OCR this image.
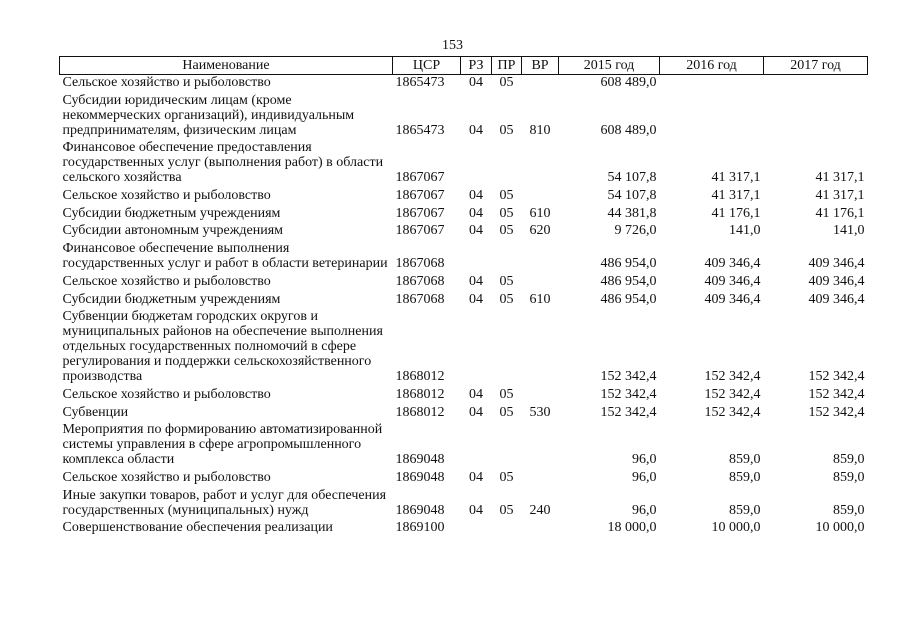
153
Наименование	ЦСР	РЗ	ПР	ВР	2015 год	2016 год	2017 год
Сельское хозяйство и рыболовство	1865473	04	05		608 489,0		
Субсидии юридическим лицам (кроме некоммерческих организаций), индивидуальным предпринимателям, физическим лицам	1865473	04	05	810	608 489,0		
Финансовое обеспечение предоставления государственных услуг (выполнения работ) в области сельского хозяйства	1867067				54 107,8	41 317,1	41 317,1
Сельское хозяйство и рыболовство	1867067	04	05		54 107,8	41 317,1	41 317,1
Субсидии бюджетным учреждениям	1867067	04	05	610	44 381,8	41 176,1	41 176,1
Субсидии автономным учреждениям	1867067	04	05	620	9 726,0	141,0	141,0
Финансовое обеспечение выполнения государственных услуг и работ в области ветеринарии	1867068				486 954,0	409 346,4	409 346,4
Сельское хозяйство и рыболовство	1867068	04	05		486 954,0	409 346,4	409 346,4
Субсидии бюджетным учреждениям	1867068	04	05	610	486 954,0	409 346,4	409 346,4
Субвенции бюджетам городских округов и муниципальных районов на обеспечение выполнения отдельных государственных полномочий в сфере регулирования и поддержки сельскохозяйственного производства	1868012				152 342,4	152 342,4	152 342,4
Сельское хозяйство и рыболовство	1868012	04	05		152 342,4	152 342,4	152 342,4
Субвенции	1868012	04	05	530	152 342,4	152 342,4	152 342,4
Мероприятия по формированию автоматизированной системы управления в сфере агропромышленного комплекса области	1869048				96,0	859,0	859,0
Сельское хозяйство и рыболовство	1869048	04	05		96,0	859,0	859,0
Иные закупки товаров, работ и услуг для обеспечения государственных (муниципальных) нужд	1869048	04	05	240	96,0	859,0	859,0
Совершенствование обеспечения реализации	1869100				18 000,0	10 000,0	10 000,0
